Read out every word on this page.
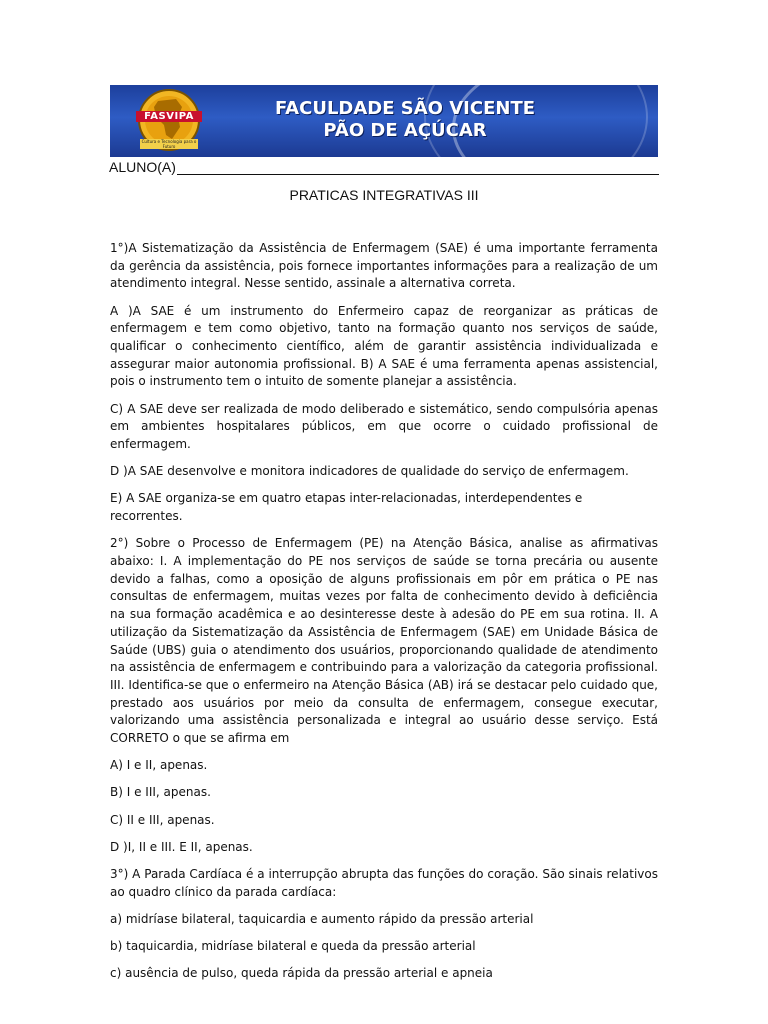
FASVIPA
Cultura e Tecnologia para o Futuro
FACULDADE SÃO VICENTE
PÃO DE AÇÚCAR
ALUNO(A)
PRATICAS INTEGRATIVAS III

1°)A Sistematização da Assistência de Enfermagem (SAE) é uma importante ferramenta da gerência da assistência, pois fornece importantes informações para a realização de um atendimento integral. Nesse sentido, assinale a alternativa correta.

A )A SAE é um instrumento do Enfermeiro capaz de reorganizar as práticas de enfermagem e tem como objetivo, tanto na formação quanto nos serviços de saúde, qualificar o conhecimento científico, além de garantir assistência individualizada e assegurar maior autonomia profissional. B) A SAE é uma ferramenta apenas assistencial, pois o instrumento tem o intuito de somente planejar a assistência.

C) A SAE deve ser realizada de modo deliberado e sistemático, sendo compulsória apenas em ambientes hospitalares públicos, em que ocorre o cuidado profissional de enfermagem.

D )A SAE desenvolve e monitora indicadores de qualidade do serviço de enfermagem.

E) A SAE organiza-se em quatro etapas inter-relacionadas, interdependentes e recorrentes.

2°) Sobre o Processo de Enfermagem (PE) na Atenção Básica, analise as afirmativas abaixo: I. A implementação do PE nos serviços de saúde se torna precária ou ausente devido a falhas, como a oposição de alguns profissionais em pôr em prática o PE nas consultas de enfermagem, muitas vezes por falta de conhecimento devido à deficiência na sua formação acadêmica e ao desinteresse deste à adesão do PE em sua rotina. II. A utilização da Sistematização da Assistência de Enfermagem (SAE) em Unidade Básica de Saúde (UBS) guia o atendimento dos usuários, proporcionando qualidade de atendimento na assistência de enfermagem e contribuindo para a valorização da categoria profissional. III. Identifica-se que o enfermeiro na Atenção Básica (AB) irá se destacar pelo cuidado que, prestado aos usuários por meio da consulta de enfermagem, consegue executar, valorizando uma assistência personalizada e integral ao usuário desse serviço. Está CORRETO o que se afirma em

A) I e II, apenas.

B) I e III, apenas.

C) II e III, apenas.

D )I, II e III. E II, apenas.

3°) A Parada Cardíaca é a interrupção abrupta das funções do coração. São sinais relativos ao quadro clínico da parada cardíaca:

a) midríase bilateral, taquicardia e aumento rápido da pressão arterial

b) taquicardia, midríase bilateral e queda da pressão arterial

c) ausência de pulso, queda rápida da pressão arterial e apneia
